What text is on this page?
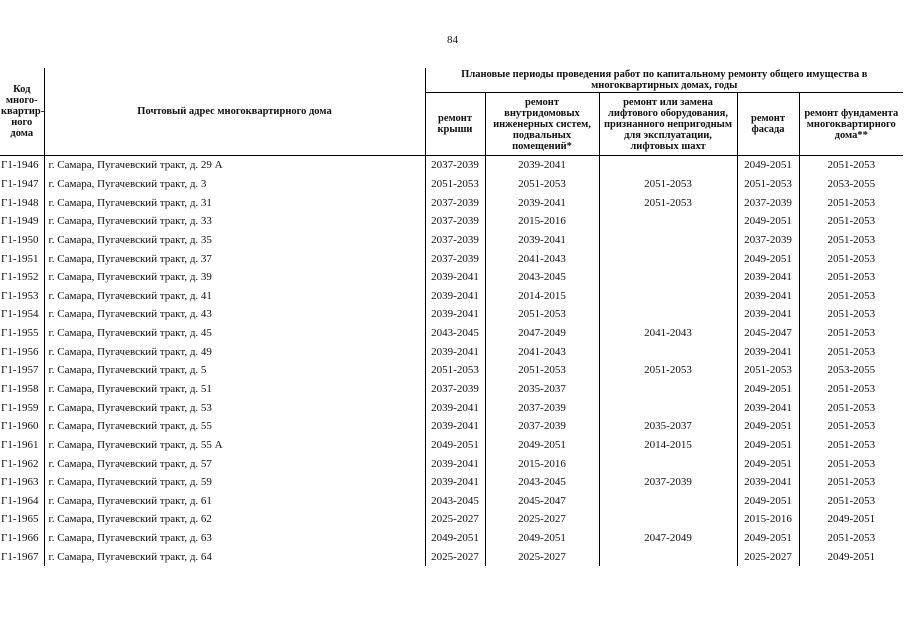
84
Код много-квартир-ного дома	Почтовый адрес многоквартирного дома	Плановые периоды проведения работ по капитальному ремонту общего имущества в многоквартирных домах, годы				
		ремонт крыши	ремонт внутридомовых инженерных систем, подвальных помещений*	ремонт или замена лифтового оборудования, признанного непригодным для эксплуатации, лифтовых шахт	ремонт фасада	ремонт фундамента многоквартирного дома**
Г1-1946	г. Самара, Пугачевский тракт, д. 29 А	2037-2039	2039-2041		2049-2051	2051-2053
Г1-1947	г. Самара, Пугачевский тракт, д. 3	2051-2053	2051-2053	2051-2053	2051-2053	2053-2055
Г1-1948	г. Самара, Пугачевский тракт, д. 31	2037-2039	2039-2041	2051-2053	2037-2039	2051-2053
Г1-1949	г. Самара, Пугачевский тракт, д. 33	2037-2039	2015-2016		2049-2051	2051-2053
Г1-1950	г. Самара, Пугачевский тракт, д. 35	2037-2039	2039-2041		2037-2039	2051-2053
Г1-1951	г. Самара, Пугачевский тракт, д. 37	2037-2039	2041-2043		2049-2051	2051-2053
Г1-1952	г. Самара, Пугачевский тракт, д. 39	2039-2041	2043-2045		2039-2041	2051-2053
Г1-1953	г. Самара, Пугачевский тракт, д. 41	2039-2041	2014-2015		2039-2041	2051-2053
Г1-1954	г. Самара, Пугачевский тракт, д. 43	2039-2041	2051-2053		2039-2041	2051-2053
Г1-1955	г. Самара, Пугачевский тракт, д. 45	2043-2045	2047-2049	2041-2043	2045-2047	2051-2053
Г1-1956	г. Самара, Пугачевский тракт, д. 49	2039-2041	2041-2043		2039-2041	2051-2053
Г1-1957	г. Самара, Пугачевский тракт, д. 5	2051-2053	2051-2053	2051-2053	2051-2053	2053-2055
Г1-1958	г. Самара, Пугачевский тракт, д. 51	2037-2039	2035-2037		2049-2051	2051-2053
Г1-1959	г. Самара, Пугачевский тракт, д. 53	2039-2041	2037-2039		2039-2041	2051-2053
Г1-1960	г. Самара, Пугачевский тракт, д. 55	2039-2041	2037-2039	2035-2037	2049-2051	2051-2053
Г1-1961	г. Самара, Пугачевский тракт, д. 55 А	2049-2051	2049-2051	2014-2015	2049-2051	2051-2053
Г1-1962	г. Самара, Пугачевский тракт, д. 57	2039-2041	2015-2016		2049-2051	2051-2053
Г1-1963	г. Самара, Пугачевский тракт, д. 59	2039-2041	2043-2045	2037-2039	2039-2041	2051-2053
Г1-1964	г. Самара, Пугачевский тракт, д. 61	2043-2045	2045-2047		2049-2051	2051-2053
Г1-1965	г. Самара, Пугачевский тракт, д. 62	2025-2027	2025-2027		2015-2016	2049-2051
Г1-1966	г. Самара, Пугачевский тракт, д. 63	2049-2051	2049-2051	2047-2049	2049-2051	2051-2053
Г1-1967	г. Самара, Пугачевский тракт, д. 64	2025-2027	2025-2027		2025-2027	2049-2051
